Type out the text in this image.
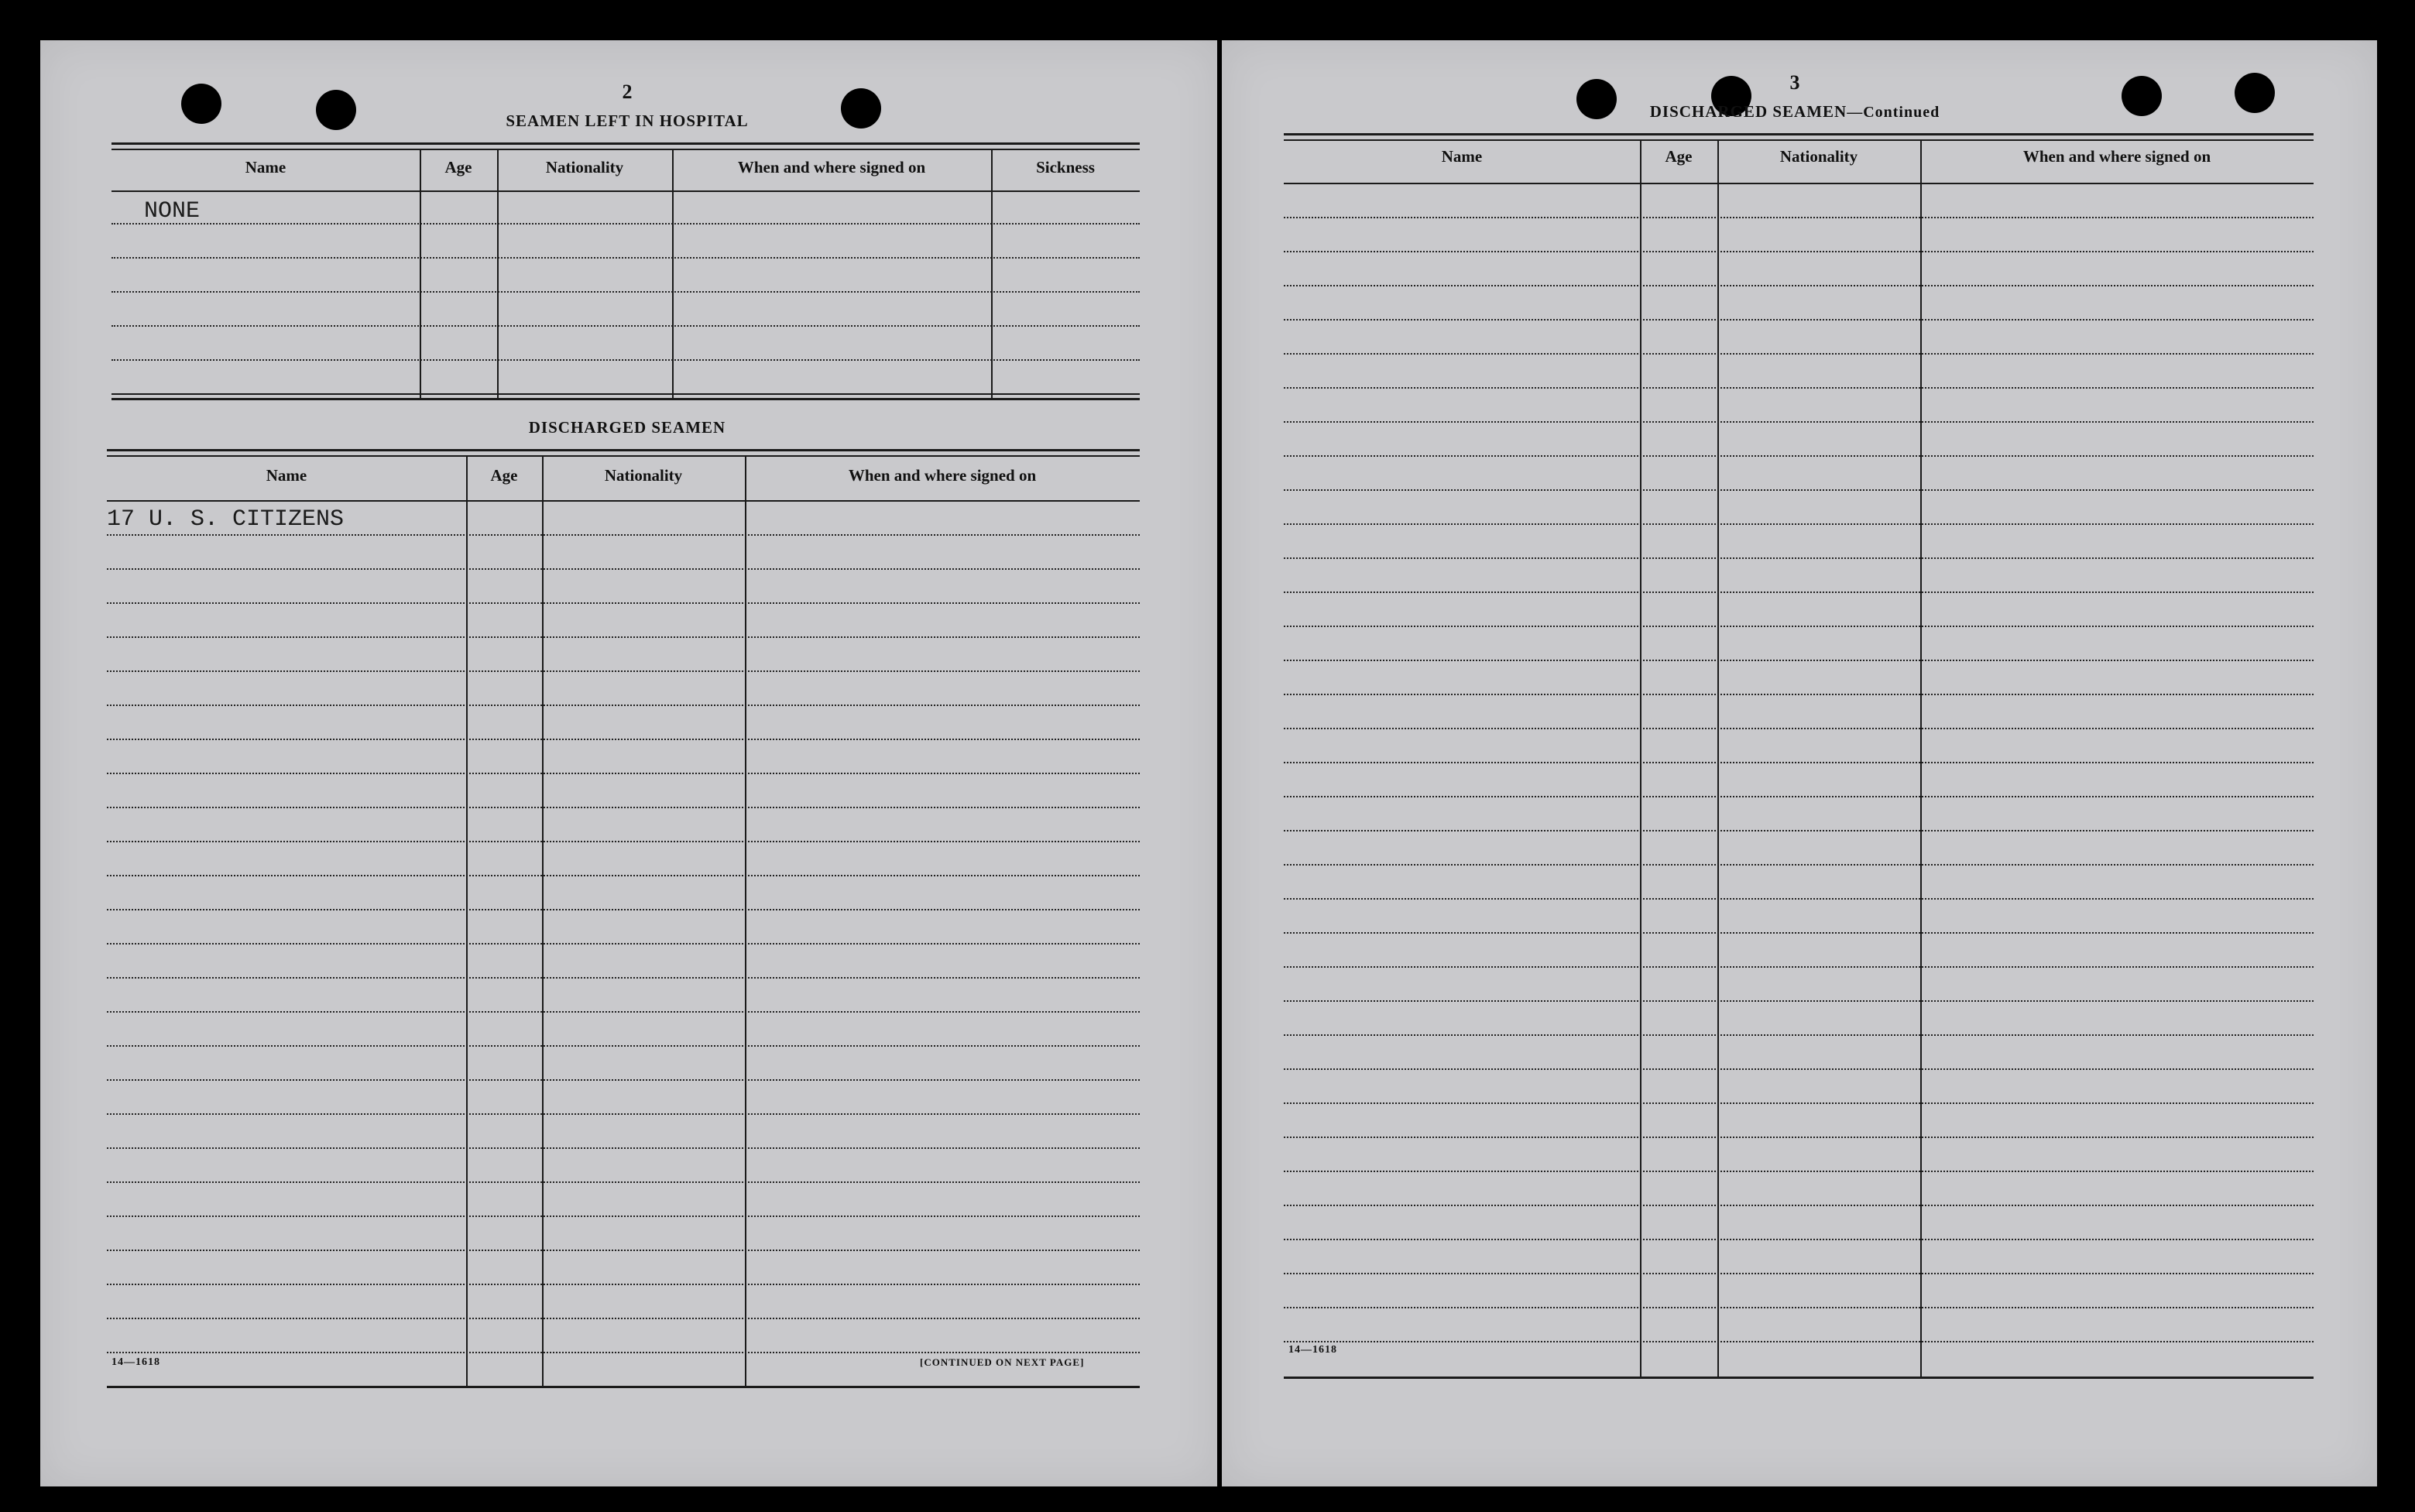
2
SEAMEN LEFT IN HOSPITAL
Name	Age	Nationality	When and where signed on	Sickness
NONE
DISCHARGED SEAMEN
Name	Age	Nationality	When and where signed on
17 U. S. CITIZENS
14—1618	[CONTINUED ON NEXT PAGE]
3
DISCHARGED SEAMEN—Continued
Name	Age	Nationality	When and where signed on
14—1618
